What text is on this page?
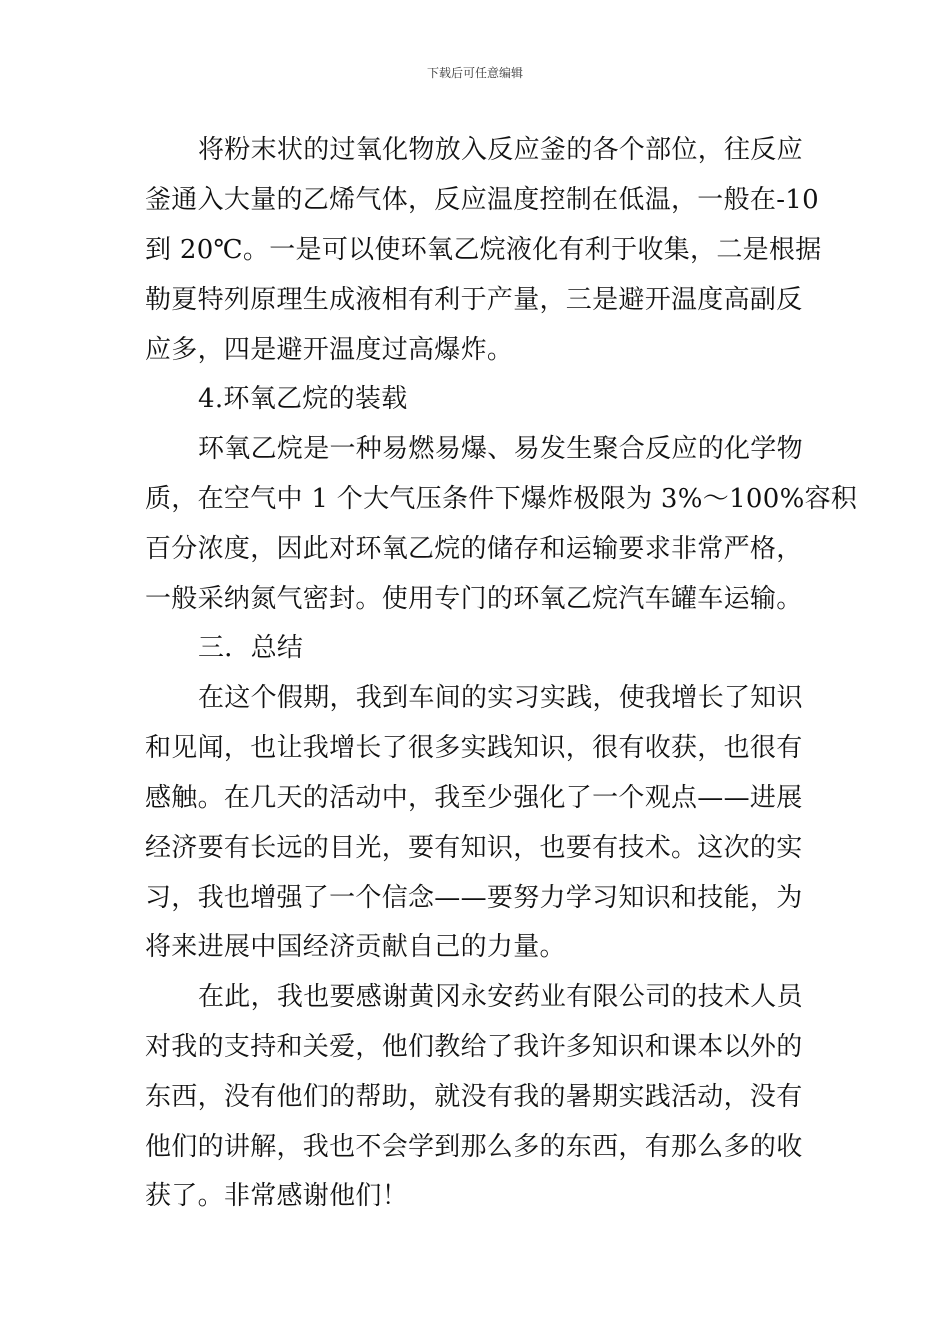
下载后可任意编辑
将粉末状的过氧化物放入反应釜的各个部位，往反应
釜通入大量的乙烯气体，反应温度控制在低温，一般在-10
到 20℃。一是可以使环氧乙烷液化有利于收集，二是根据
勒夏特列原理生成液相有利于产量，三是避开温度高副反
应多，四是避开温度过高爆炸。
4.环氧乙烷的装载
环氧乙烷是一种易燃易爆、易发生聚合反应的化学物
质，在空气中 1 个大气压条件下爆炸极限为 3%～100%容积
百分浓度，因此对环氧乙烷的储存和运输要求非常严格，
一般采纳氮气密封。使用专门的环氧乙烷汽车罐车运输。
三．总结
在这个假期，我到车间的实习实践，使我增长了知识
和见闻，也让我增长了很多实践知识，很有收获，也很有
感触。在几天的活动中，我至少强化了一个观点——进展
经济要有长远的目光，要有知识，也要有技术。这次的实
习，我也增强了一个信念——要努力学习知识和技能，为
将来进展中国经济贡献自己的力量。
在此，我也要感谢黄冈永安药业有限公司的技术人员
对我的支持和关爱，他们教给了我许多知识和课本以外的
东西，没有他们的帮助，就没有我的暑期实践活动，没有
他们的讲解，我也不会学到那么多的东西，有那么多的收
获了。非常感谢他们！
